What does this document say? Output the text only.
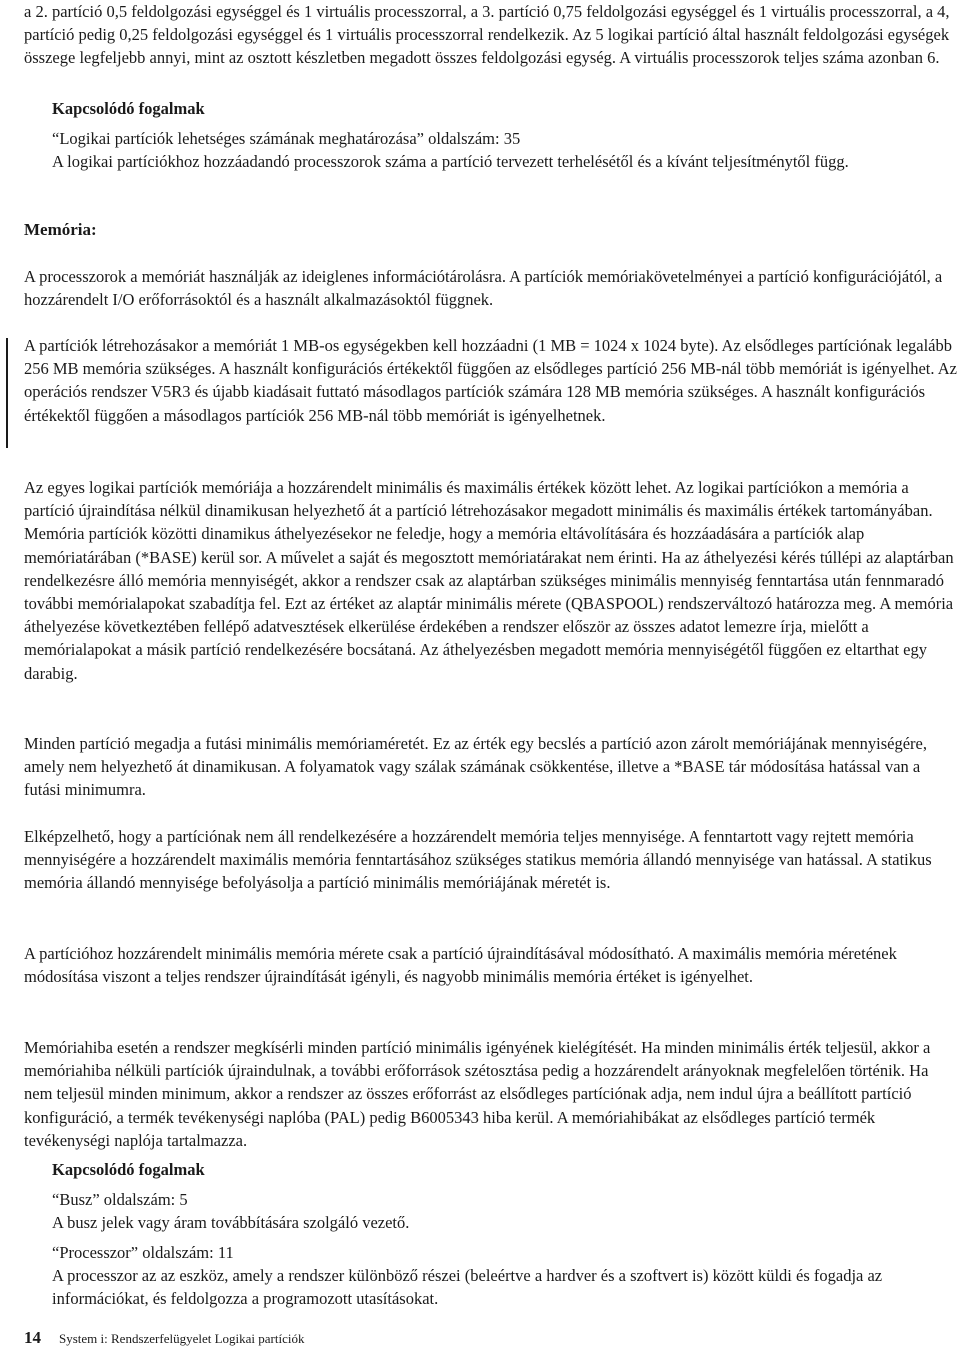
a 2. partíció 0,5 feldolgozási egységgel és 1 virtuális processzorral, a 3. partíció 0,75 feldolgozási egységgel és 1 virtuális processzorral, a 4, partíció pedig 0,25 feldolgozási egységgel és 1 virtuális processzorral rendelkezik. Az 5 logikai partíció által használt feldolgozási egységek összege legfeljebb annyi, mint az osztott készletben megadott összes feldolgozási egység. A virtuális processzorok teljes száma azonban 6.

Kapcsolódó fogalmak

“Logikai partíciók lehetséges számának meghatározása” oldalszám: 35

A logikai partíciókhoz hozzáadandó processzorok száma a partíció tervezett terhelésétől és a kívánt teljesítménytől függ.

Memória:

A processzorok a memóriát használják az ideiglenes információtárolásra. A partíciók memóriakövetelményei a partíció konfigurációjától, a hozzárendelt I/O erőforrásoktól és a használt alkalmazásoktól függnek.

A partíciók létrehozásakor a memóriát 1 MB-os egységekben kell hozzáadni (1 MB = 1024 x 1024 byte). Az elsődleges partíciónak legalább 256 MB memória szükséges. A használt konfigurációs értékektől függően az elsődleges partíció 256 MB-nál több memóriát is igényelhet. Az operációs rendszer V5R3 és újabb kiadásait futtató másodlagos partíciók számára 128 MB memória szükséges. A használt konfigurációs értékektől függően a másodlagos partíciók 256 MB-nál több memóriát is igényelhetnek.

Az egyes logikai partíciók memóriája a hozzárendelt minimális és maximális értékek között lehet. Az logikai partíciókon a memória a partíció újraindítása nélkül dinamikusan helyezhető át a partíció létrehozásakor megadott minimális és maximális értékek tartományában. Memória partíciók közötti dinamikus áthelyezésekor ne feledje, hogy a memória eltávolítására és hozzáadására a partíciók alap memóriatárában (*BASE) kerül sor. A művelet a saját és megosztott memóriatárakat nem érinti. Ha az áthelyezési kérés túllépi az alaptárban rendelkezésre álló memória mennyiségét, akkor a rendszer csak az alaptárban szükséges minimális mennyiség fenntartása után fennmaradó további memórialapokat szabadítja fel. Ezt az értéket az alaptár minimális mérete (QBASPOOL) rendszerváltozó határozza meg. A memória áthelyezése következtében fellépő adatvesztések elkerülése érdekében a rendszer először az összes adatot lemezre írja, mielőtt a memórialapokat a másik partíció rendelkezésére bocsátaná. Az áthelyezésben megadott memória mennyiségétől függően ez eltarthat egy darabig.

Minden partíció megadja a futási minimális memóriaméretét. Ez az érték egy becslés a partíció azon zárolt memóriájának mennyiségére, amely nem helyezhető át dinamikusan. A folyamatok vagy szálak számának csökkentése, illetve a *BASE tár módosítása hatással van a futási minimumra.

Elképzelhető, hogy a partíciónak nem áll rendelkezésére a hozzárendelt memória teljes mennyisége. A fenntartott vagy rejtett memória mennyiségére a hozzárendelt maximális memória fenntartásához szükséges statikus memória állandó mennyisége van hatással. A statikus memória állandó mennyisége befolyásolja a partíció minimális memóriájának méretét is.

A partícióhoz hozzárendelt minimális memória mérete csak a partíció újraindításával módosítható. A maximális memória méretének módosítása viszont a teljes rendszer újraindítását igényli, és nagyobb minimális memória értéket is igényelhet.

Memóriahiba esetén a rendszer megkísérli minden partíció minimális igényének kielégítését. Ha minden minimális érték teljesül, akkor a memóriahiba nélküli partíciók újraindulnak, a további erőforrások szétosztása pedig a hozzárendelt arányoknak megfelelően történik. Ha nem teljesül minden minimum, akkor a rendszer az összes erőforrást az elsődleges partíciónak adja, nem indul újra a beállított partíció konfiguráció, a termék tevékenységi naplóba (PAL) pedig B6005343 hiba kerül. A memóriahibákat az elsődleges partíció termék tevékenységi naplója tartalmazza.

Kapcsolódó fogalmak

“Busz” oldalszám: 5

A busz jelek vagy áram továbbítására szolgáló vezető.

“Processzor” oldalszám: 11

A processzor az az eszköz, amely a rendszer különböző részei (beleértve a hardver és a szoftvert is) között küldi és fogadja az információkat, és feldolgozza a programozott utasításokat.

14 System i: Rendszerfelügyelet Logikai partíciók
